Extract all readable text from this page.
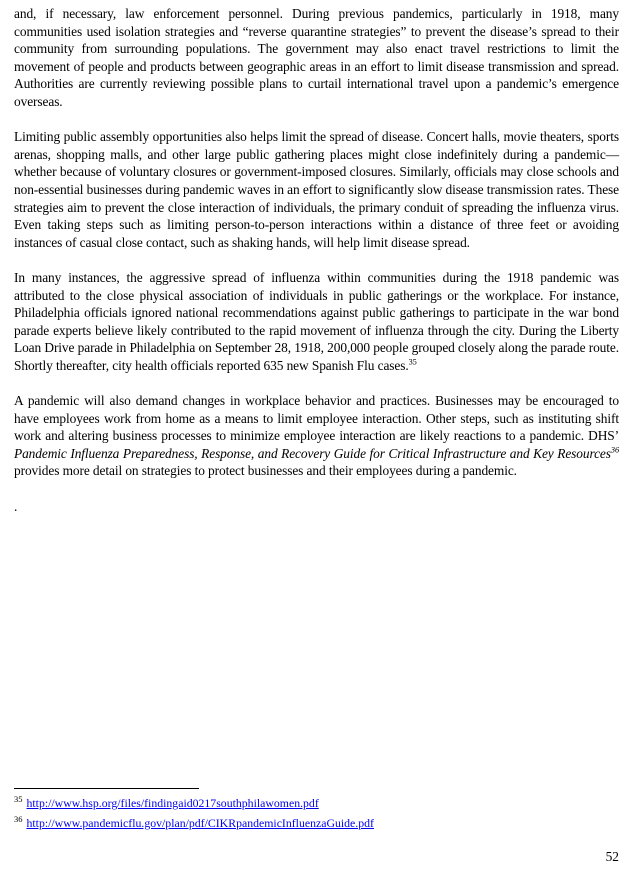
and, if necessary, law enforcement personnel. During previous pandemics, particularly in 1918, many communities used isolation strategies and “reverse quarantine strategies” to prevent the disease’s spread to their community from surrounding populations. The government may also enact travel restrictions to limit the movement of people and products between geographic areas in an effort to limit disease transmission and spread. Authorities are currently reviewing possible plans to curtail international travel upon a pandemic’s emergence overseas.

Limiting public assembly opportunities also helps limit the spread of disease. Concert halls, movie theaters, sports arenas, shopping malls, and other large public gathering places might close indefinitely during a pandemic—whether because of voluntary closures or government-imposed closures. Similarly, officials may close schools and non-essential businesses during pandemic waves in an effort to significantly slow disease transmission rates. These strategies aim to prevent the close interaction of individuals, the primary conduit of spreading the influenza virus. Even taking steps such as limiting person-to-person interactions within a distance of three feet or avoiding instances of casual close contact, such as shaking hands, will help limit disease spread.

In many instances, the aggressive spread of influenza within communities during the 1918 pandemic was attributed to the close physical association of individuals in public gatherings or the workplace. For instance, Philadelphia officials ignored national recommendations against public gatherings to participate in the war bond parade experts believe likely contributed to the rapid movement of influenza through the city. During the Liberty Loan Drive parade in Philadelphia on September 28, 1918, 200,000 people grouped closely along the parade route. Shortly thereafter, city health officials reported 635 new Spanish Flu cases.$^{35}$

A pandemic will also demand changes in workplace behavior and practices. Businesses may be encouraged to have employees work from home as a means to limit employee interaction. Other steps, such as instituting shift work and altering business processes to minimize employee interaction are likely reactions to a pandemic. DHS’ Pandemic Influenza Preparedness, Response, and Recovery Guide for Critical Infrastructure and Key Resources$^{36}$ provides more detail on strategies to protect businesses and their employees during a pandemic.

.

$^{35}$ http://www.hsp.org/files/findingaid0217southphilawomen.pdf
$^{36}$ http://www.pandemicflu.gov/plan/pdf/CIKRpandemicInfluenzaGuide.pdf
52
